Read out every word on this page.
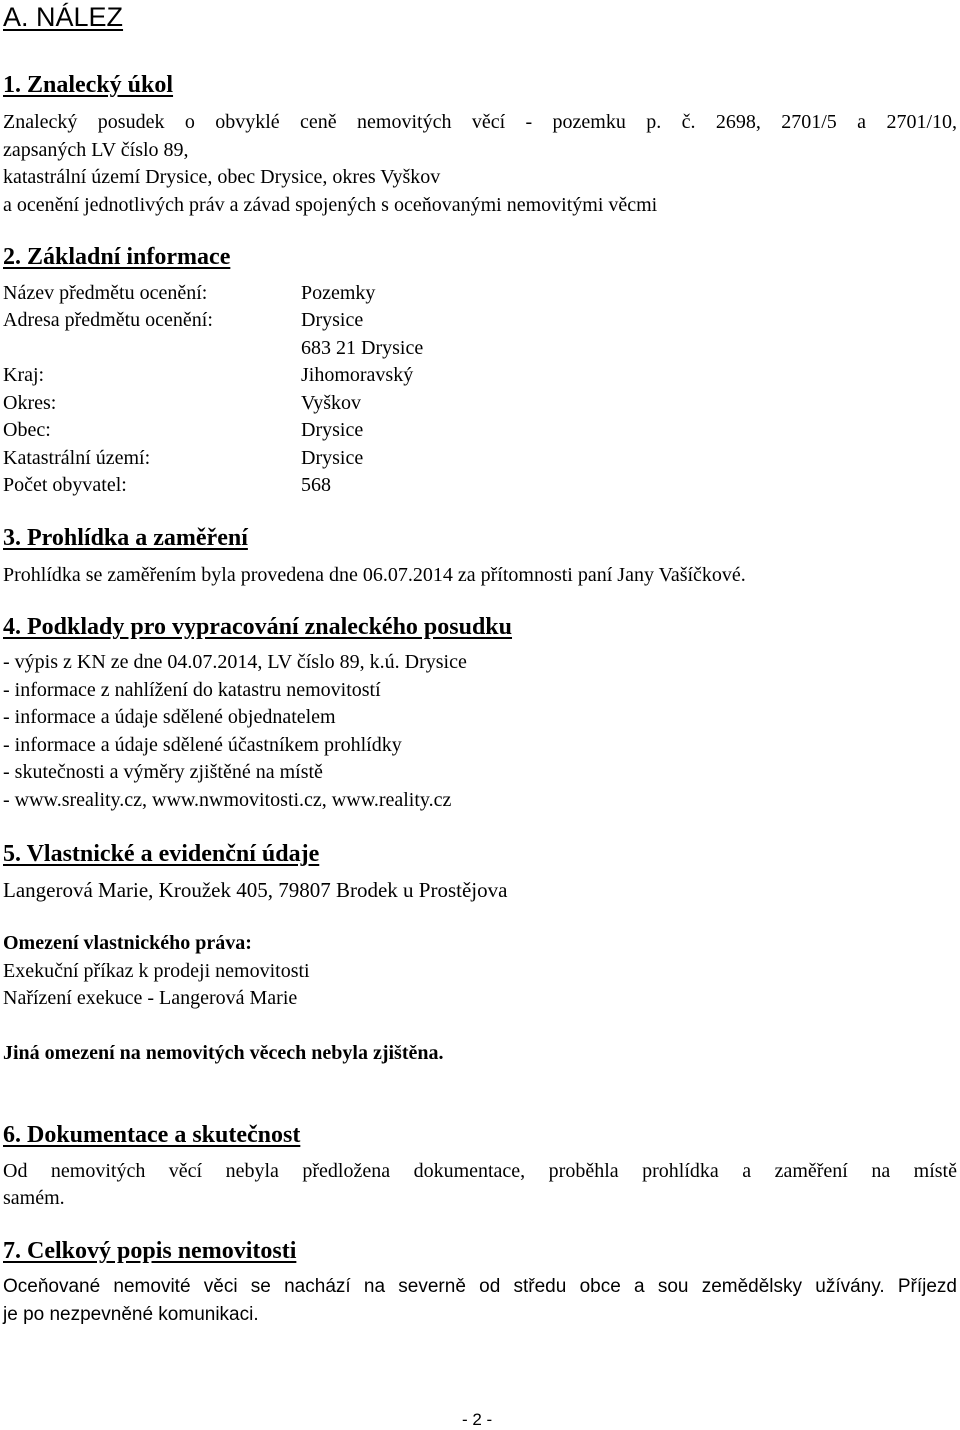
A. NÁLEZ
1. Znalecký úkol
Znalecký posudek o obvyklé ceně nemovitých věcí - pozemku p. č. 2698, 2701/5 a 2701/10,
zapsaných LV číslo 89,
katastrální území Drysice, obec Drysice, okres Vyškov
a ocenění jednotlivých práv a závad spojených s oceňovanými nemovitými věcmi
2. Základní informace
Název předmětu ocenění:	Pozemky
Adresa předmětu ocenění:	Drysice
683 21 Drysice
Kraj:	Jihomoravský
Okres:	Vyškov
Obec:	Drysice
Katastrální území:	Drysice
Počet obyvatel:	568
3. Prohlídka a zaměření
Prohlídka se zaměřením byla provedena dne 06.07.2014 za přítomnosti paní Jany Vašíčkové.
4. Podklady pro vypracování znaleckého posudku
- výpis z KN ze dne 04.07.2014, LV číslo 89, k.ú. Drysice
- informace z nahlížení do katastru nemovitostí
- informace a údaje sdělené objednatelem
- informace a údaje sdělené účastníkem prohlídky
- skutečnosti a výměry zjištěné na místě
- www.sreality.cz, www.nwmovitosti.cz, www.reality.cz
5. Vlastnické a evidenční údaje
Langerová Marie, Kroužek 405, 79807 Brodek u Prostějova
Omezení vlastnického práva:
Exekuční příkaz k prodeji nemovitosti
Nařízení exekuce - Langerová Marie
Jiná omezení na nemovitých věcech nebyla zjištěna.
6. Dokumentace a skutečnost
Od nemovitých věcí nebyla předložena dokumentace, proběhla prohlídka a zaměření na místě
samém.
7. Celkový popis nemovitosti
Oceňované nemovité věci se nachází na severně od středu obce a sou zemědělsky užívány. Příjezd
je po nezpevněné komunikaci.
- 2 -
